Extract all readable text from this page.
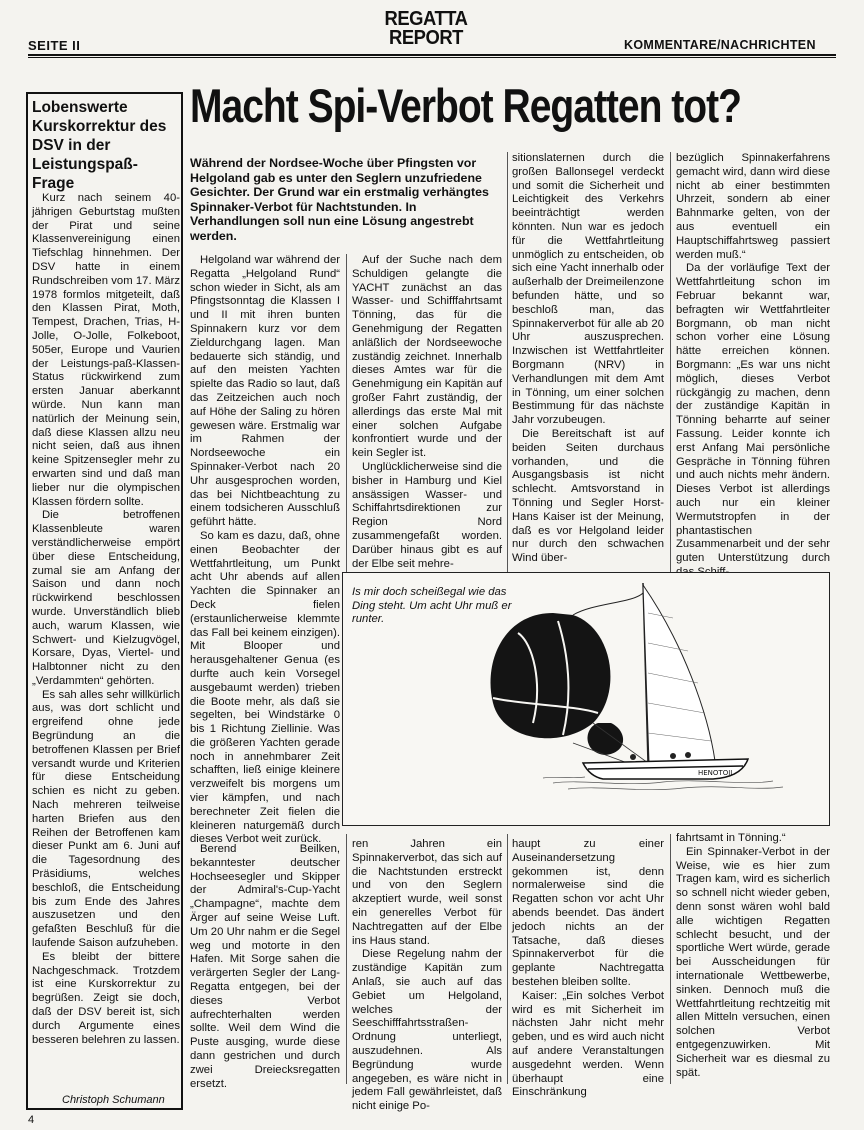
SEITE II
REGATTA
REPORT	KOMMENTARE/NACHRICHTEN
Lobenswerte Kurskorrektur des DSV in der Leistungspaß-Frage

Kurz nach seinem 40-jährigen Geburtstag mußten der Pirat und seine Klassenvereinigung einen Tiefschlag hinnehmen. Der DSV hatte in einem Rundschreiben vom 17. März 1978 formlos mitgeteilt, daß den Klassen Pirat, Moth, Tempest, Drachen, Trias, H-Jolle, O-Jolle, Folkeboot, 505er, Europe und Vaurien der Leistungs-paß-Klassen-Status rückwirkend zum ersten Januar aberkannt würde. Nun kann man natürlich der Meinung sein, daß diese Klassen allzu neu nicht seien, daß aus ihnen keine Spitzensegler mehr zu erwarten sind und daß man lieber nur die olympischen Klassen fördern sollte.

Die betroffenen Klassenbleute waren verständlicherweise empört über diese Entscheidung, zumal sie am Anfang der Saison und dann noch rückwirkend beschlossen wurde. Unverständlich blieb auch, warum Klassen, wie Schwert- und Kielzugvögel, Korsare, Dyas, Viertel- und Halbtonner nicht zu den „Verdammten“ gehörten.

Es sah alles sehr willkürlich aus, was dort schlicht und ergreifend ohne jede Begründung an die betroffenen Klassen per Brief versandt wurde und Kriterien für diese Entscheidung schien es nicht zu geben. Nach mehreren teilweise harten Briefen aus den Reihen der Betroffenen kam dieser Punkt am 6. Juni auf die Tagesordnung des Präsidiums, welches beschloß, die Entscheidung bis zum Ende des Jahres auszusetzen und den gefaßten Beschluß für die laufende Saison aufzuheben.

Es bleibt der bittere Nachgeschmack. Trotzdem ist eine Kurskorrektur zu begrüßen. Zeigt sie doch, daß der DSV bereit ist, sich durch Argumente eines besseren belehren zu lassen.

Christoph Schumann
Macht Spi-Verbot Regatten tot?
Während der Nordsee-Woche über Pfingsten vor Helgoland gab es unter den Seglern unzufriedene Gesichter. Der Grund war ein erstmalig verhängtes Spinnaker-Verbot für Nachtstunden. In Verhandlungen soll nun eine Lösung angestrebt werden.

Helgoland war während der Regatta „Helgoland Rund“ schon wieder in Sicht, als am Pfingstsonntag die Klassen I und II mit ihren bunten Spinnakern kurz vor dem Zieldurchgang lagen. Man bedauerte sich ständig, und auf den meisten Yachten spielte das Radio so laut, daß das Zeitzeichen auch noch auf Höhe der Saling zu hören gewesen wäre. Erstmalig war im Rahmen der Nordseewoche ein Spinnaker-Verbot nach 20 Uhr ausgesprochen worden, das bei Nichtbeachtung zu einem todsicheren Ausschluß geführt hätte.

So kam es dazu, daß, ohne einen Beobachter der Wettfahrtleitung, um Punkt acht Uhr abends auf allen Yachten die Spinnaker an Deck fielen (erstaunlicherweise klemmte das Fall bei keinem einzigen). Mit Blooper und herausgehaltener Genua (es durfte auch kein Vorsegel ausgebaumt werden) trieben die Boote mehr, als daß sie segelten, bei Windstärke 0 bis 1 Richtung Ziellinie. Was die größeren Yachten gerade noch in annehmbarer Zeit schafften, ließ einige kleinere verzweifelt bis morgens um vier kämpfen, und nach berechneter Zeit fielen die kleineren naturgemäß durch dieses Verbot weit zurück.

Auf der Suche nach dem Schuldigen gelangte die YACHT zunächst an das Wasser- und Schifffahrtsamt Tönning, das für die Genehmigung der Regatten anläßlich der Nordseewoche zuständig zeichnet. Innerhalb dieses Amtes war für die Genehmigung ein Kapitän auf großer Fahrt zuständig, der allerdings das erste Mal mit einer solchen Aufgabe konfrontiert wurde und der kein Segler ist.

Unglücklicherweise sind die bisher in Hamburg und Kiel ansässigen Wasser- und Schiffahrtsdirektionen zur Region Nord zusammengefaßt worden. Darüber hinaus gibt es auf der Elbe seit mehre-

sitionslaternen durch die großen Ballonsegel verdeckt und somit die Sicherheit und Leichtigkeit des Verkehrs beeinträchtigt werden könnten. Nun war es jedoch für die Wettfahrtleitung unmöglich zu entscheiden, ob sich eine Yacht innerhalb oder außerhalb der Dreimeilenzone befunden hätte, und so beschloß man, das Spinnakerverbot für alle ab 20 Uhr auszusprechen. Inzwischen ist Wettfahrtleiter Borgmann (NRV) in Verhandlungen mit dem Amt in Tönning, um einer solchen Bestimmung für das nächste Jahr vorzubeugen.

Die Bereitschaft ist auf beiden Seiten durchaus vorhanden, und die Ausgangsbasis ist nicht schlecht. Amtsvorstand in Tönning und Segler Horst-Hans Kaiser ist der Meinung, daß es vor Helgoland leider nur durch den schwachen Wind über-

bezüglich Spinnakerfahrens gemacht wird, dann wird diese nicht ab einer bestimmten Uhrzeit, sondern ab einer Bahnmarke gelten, von der aus eventuell ein Hauptschiffahrtsweg passiert werden muß.“

Da der vorläufige Text der Wettfahrtleitung schon im Februar bekannt war, befragten wir Wettfahrtleiter Borgmann, ob man nicht schon vorher eine Lösung hätte erreichen können. Borgmann: „Es war uns nicht möglich, dieses Verbot rückgängig zu machen, denn der zuständige Kapitän in Tönning beharrte auf seiner Fassung. Leider konnte ich erst Anfang Mai persönliche Gespräche in Tönning führen und auch nichts mehr ändern. Dieses Verbot ist allerdings auch nur ein kleiner Wermutstropfen in der phantastischen Zusammenarbeit und der sehr guten Unterstützung durch

Berend Beilken, bekanntester deutscher Hochseesegler und Skipper der Admiral's-Cup-Yacht „Champagne“, machte dem Ärger auf seine Weise Luft. Um 20 Uhr nahm er die Segel weg und motorte in den Hafen. Mit Sorge sahen die verärgerten Segler der Lang-Regatta entgegen, bei der dieses Verbot aufrechterhalten werden sollte. Weil dem Wind die Puste ausging, wurde diese dann gestrichen und durch zwei Dreiecksregatten ersetzt.

ren Jahren ein Spinnakerverbot, das sich auf die Nachtstunden erstreckt und von den Seglern akzeptiert wurde, weil sonst ein generelles Verbot für Nachtregatten auf der Elbe ins Haus stand.

Diese Regelung nahm der zuständige Kapitän zum Anlaß, sie auch auf das Gebiet um Helgoland, welches der Seeschifffahrtsstraßen-Ordnung unterliegt, auszudehnen. Als Begründung wurde angegeben, es wäre nicht in jedem Fall gewährleistet, daß nicht einige Po-

haupt zu einer Auseinandersetzung gekommen ist, denn normalerweise sind die Regatten schon vor acht Uhr abends beendet. Das ändert jedoch nichts an der Tatsache, daß dieses Spinnakerverbot für die geplante Nachtregatta bestehen bleiben sollte.

Kaiser: „Ein solches Verbot wird es mit Sicherheit im nächsten Jahr nicht mehr geben, und es wird auch nicht auf andere Veranstaltungen ausgedehnt werden. Wenn überhaupt eine Einschränkung

fahrtsamt in Tönning.“

Ein Spinnaker-Verbot in der Weise, wie es hier zum Tragen kam, wird es sicherlich so schnell nicht wieder geben, denn sonst wären wohl bald alle wichtigen Regatten schlecht besucht, und der sportliche Wert würde, gerade bei Ausscheidungen für internationale Wettbewerbe, sinken. Dennoch muß die Wettfahrtleitung rechtzeitig mit allen Mitteln versuchen, einen solchen Verbot entgegenzuwirken. Mit Sicherheit war es diesmal zu spät.

HENOTOIL
Is mir doch scheißegal wie das Ding steht. Um acht Uhr muß er runter.
4
